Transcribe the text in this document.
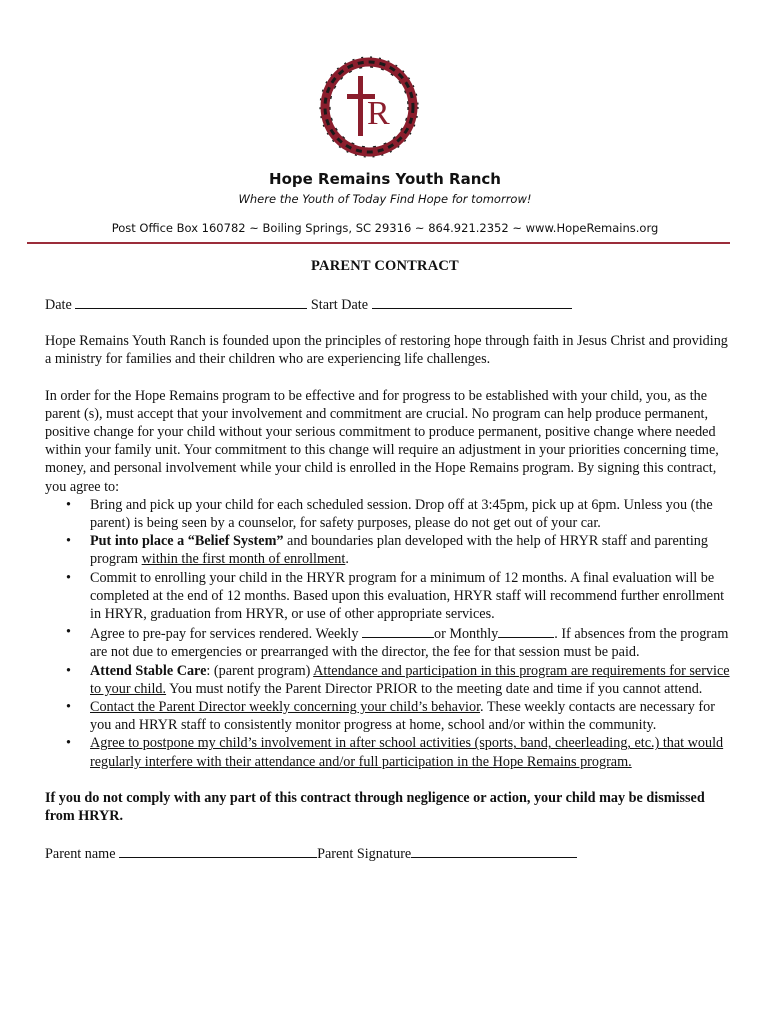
R
Hope Remains Youth Ranch
Where the Youth of Today Find Hope for tomorrow!
Post Office Box 160782 ~ Boiling Springs, SC 29316 ~ 864.921.2352 ~ www.HopeRemains.org
PARENT CONTRACT

Date	Start Date

Hope Remains Youth Ranch is founded upon the principles of restoring hope through faith in Jesus Christ and providing a ministry for families and their children who are experiencing life challenges.

In order for the Hope Remains program to be effective and for progress to be established with your child, you, as the parent (s), must accept that your involvement and commitment are crucial. No program can help produce permanent, positive change for your child without your serious commitment to produce permanent, positive change where needed within your family unit. Your commitment to this change will require an adjustment in your priorities concerning time, money, and personal involvement while your child is enrolled in the Hope Remains program. By signing this contract, you agree to:

• Bring and pick up your child for each scheduled session. Drop off at 3:45pm, pick up at 6pm. Unless you (the parent) is being seen by a counselor, for safety purposes, please do not get out of your car.
• Put into place a “Belief System” and boundaries plan developed with the help of HRYR staff and parenting program within the first month of enrollment.
• Commit to enrolling your child in the HRYR program for a minimum of 12 months. A final evaluation will be completed at the end of 12 months. Based upon this evaluation, HRYR staff will recommend further enrollment in HRYR, graduation from HRYR, or use of other appropriate services.
• Agree to pre-pay for services rendered. Weekly	or Monthly	. If absences from the program are not due to emergencies or prearranged with the director, the fee for that session must be paid.
• Attend Stable Care: (parent program) Attendance and participation in this program are requirements for service to your child. You must notify the Parent Director PRIOR to the meeting date and time if you cannot attend.
• Contact the Parent Director weekly concerning your child’s behavior. These weekly contacts are necessary for you and HRYR staff to consistently monitor progress at home, school and/or within the community.
• Agree to postpone my child’s involvement in after school activities (sports, band, cheerleading, etc.) that would regularly interfere with their attendance and/or full participation in the Hope Remains program.

If you do not comply with any part of this contract through negligence or action, your child may be dismissed from HRYR.

Parent name	Parent Signature
